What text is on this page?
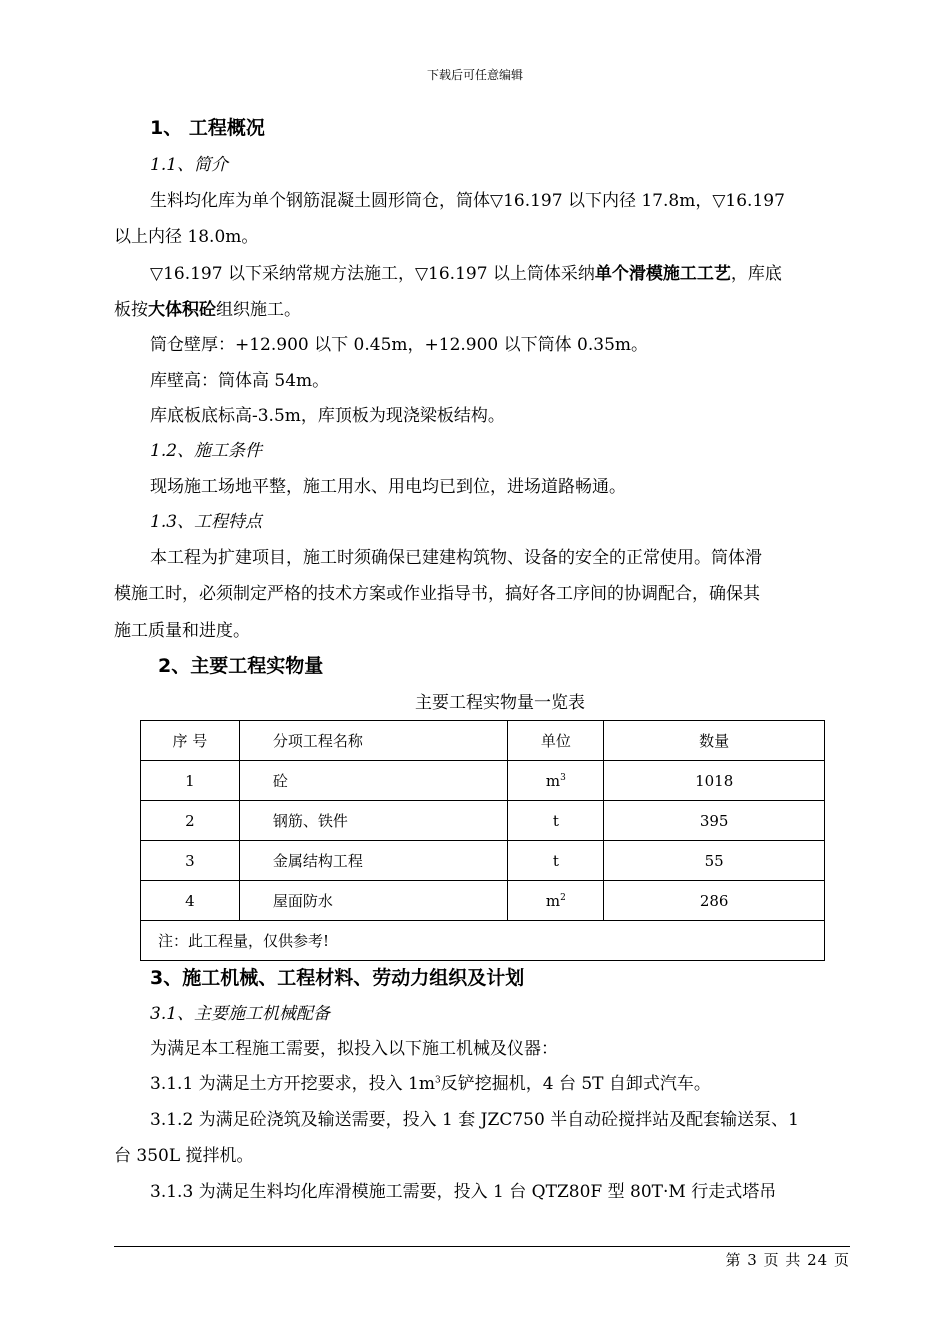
下载后可任意编辑
1、 工程概况
1.1、简介
生料均化库为单个钢筋混凝土圆形筒仓，筒体▽16.197 以下内径 17.8m，▽16.197
以上内径 18.0m。
▽16.197 以下采纳常规方法施工，▽16.197 以上筒体采纳单个滑模施工工艺，库底
板按大体积砼组织施工。
筒仓壁厚：+12.900 以下 0.45m，+12.900 以下筒体 0.35m。
库壁高：筒体高 54m。
库底板底标高-3.5m，库顶板为现浇梁板结构。
1.2、施工条件
现场施工场地平整，施工用水、用电均已到位，进场道路畅通。
1.3、工程特点
本工程为扩建项目，施工时须确保已建建构筑物、设备的安全的正常使用。筒体滑
模施工时，必须制定严格的技术方案或作业指导书，搞好各工序间的协调配合，确保其
施工质量和进度。
2、主要工程实物量
主要工程实物量一览表
序 号	分项工程名称	单位	数量
1	砼	$m^3$	1018
2	钢筋、铁件	t	395
3	金属结构工程	t	55
4	屋面防水	$m^2$	286
注：此工程量，仅供参考!			
3、施工机械、工程材料、劳动力组织及计划
3.1、主要施工机械配备
为满足本工程施工需要，拟投入以下施工机械及仪器：
3.1.1 为满足土方开挖要求，投入 $1m^3$反铲挖掘机，4 台 5T 自卸式汽车。
3.1.2 为满足砼浇筑及输送需要，投入 1 套 JZC750 半自动砼搅拌站及配套输送泵、1
台 350L 搅拌机。
3.1.3 为满足生料均化库滑模施工需要，投入 1 台 QTZ80F 型 80T·M 行走式塔吊
第 3 页 共 24 页
